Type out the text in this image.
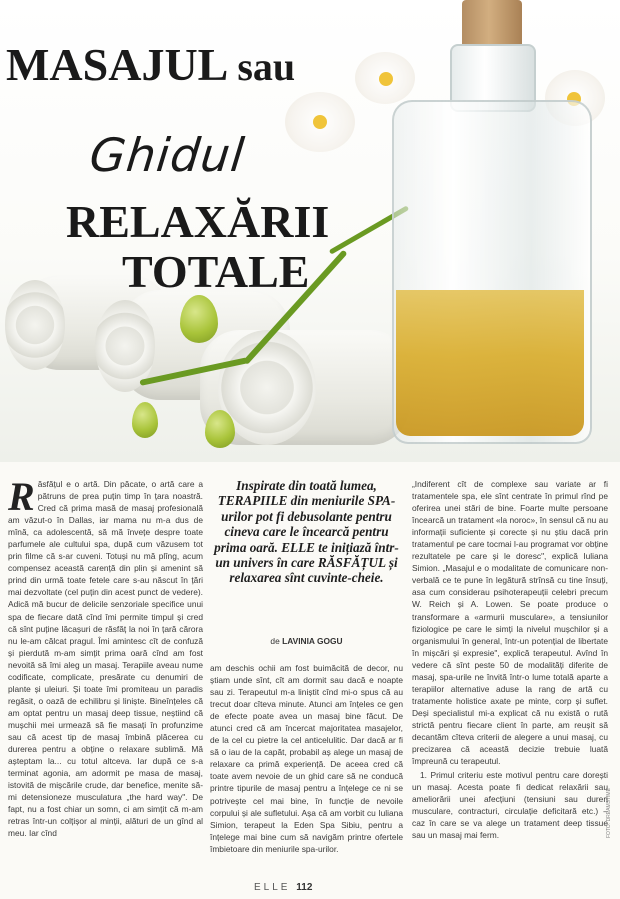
MASAJUL sau
Ghidul
RELAXĂRII
TOTALE
R ăsfățul e o artă. Din păcate, o artă care a pătruns de prea puțin timp în țara noastră. Cred că prima masă de masaj profesională am văzut-o în Dallas, iar mama nu m-a dus de mînă, ca adolescentă, să mă învețe despre toate parfumele ale cultului spa, după cum văzusem tot prin filme că s-ar cuveni. Totuși nu mă plîng, acum compensez această carență din plin și amenint să prind din urmă toate fetele care s-au născut în țări mai dezvoltate (cel puțin din acest punct de vedere). Adică mă bucur de delicile senzoriale specifice unui spa de fiecare dată cînd îmi permite timpul și cred că sînt puține lăcașuri de răsfăț la noi în țară cărora nu le-am călcat pragul. Îmi amintesc cît de confuză și pierdută m-am simțit prima oară cînd am fost nevoită să îmi aleg un masaj. Terapiile aveau nume codificate, complicate, presărate cu denumiri de plante și uleiuri. Și toate îmi promiteau un paradis regăsit, o oază de echilibru și liniște. Bineînțeles că am optat pentru un masaj deep tissue, neștiind că mușchii mei urmează să fie masați în profunzime sau că acest tip de masaj îmbină plăcerea cu durerea pentru a obține o relaxare sublimă. Mă așteptam la... cu totul altceva. Iar după ce s-a terminat agonia, am adormit pe masa de masaj, istovită de mișcările crude, dar benefice, menite să-mi detensioneze musculatura „the hard way". De fapt, nu a fost chiar un somn, ci am simțit că m-am retras într-un colțișor al minții, alături de un gînd al meu. Iar cînd
Inspirate din toată lumea, TERAPIILE din meniurile SPA-urilor pot fi debusolante pentru cineva care le încearcă pentru prima oară. ELLE te inițiază într-un univers în care RĂSFĂȚUL și relaxarea sînt cuvinte-cheie.
de LAVINIA GOGU
am deschis ochii am fost buimăcită de decor, nu știam unde sînt, cît am dormit sau dacă e noapte sau zi. Terapeutul m-a liniștit cînd mi-o spus că au trecut doar cîteva minute. Atunci am înțeles ce gen de efecte poate avea un masaj bine făcut. De atunci cred că am încercat majoritatea masajelor, de la cel cu pietre la cel anticelulitic. Dar dacă ar fi să o iau de la capăt, probabil aș alege un masaj de relaxare ca primă experiență. De aceea cred că toate avem nevoie de un ghid care să ne conducă printre tipurile de masaj pentru a înțelege ce ni se potrivește cel mai bine, în funcție de nevoile corpului și ale sufletului. Așa că am vorbit cu Iuliana Simion, terapeut la Eden Spa Sibiu, pentru a înțelege mai bine cum să navigăm printre ofertele îmbietoare din meniurile spa-urilor.

„Indiferent cît de complexe sau variate ar fi tratamentele spa, ele sînt centrate în primul rînd pe oferirea unei stări de bine. Foarte multe persoane încearcă un tratament «la noroc», în sensul că nu au informații suficiente și corecte și nu știu dacă prin tratamentul pe care tocmai l-au programat vor obține rezultatele pe care și le doresc", explică Iuliana Simion. „Masajul e o modalitate de comunicare non-verbală ce te pune în legătură strînsă cu tine însuți, asa cum considerau psihoterapeuții celebri precum W. Reich și A. Lowen. Se poate produce o transformare a «armurii musculare», a tensiunilor fiziologice pe care le simți la nivelul mușchilor și a organismului în general, într-un potențial de libertate în mișcări și expresie", explică terapeutul. Avînd în vedere că sînt peste 50 de modalități diferite de masaj, spa-urile ne învită într-o lume totală aparte a terapiilor alternative aduse la rang de artă cu tratamente holistice axate pe minte, corp și suflet. Deși specialistul mi-a explicat că nu există o rută strictă pentru fiecare client în parte, am reușit să decantăm cîteva criterii de alegere a unui masaj, cu precizarea că această decizie trebuie luată împreună cu terapeutul.

1. Primul criteriu este motivul pentru care dorești un masaj. Acesta poate fi dedicat relaxării sau ameliorării unei afecțiuni (tensiuni sau dureri musculare, contracturi, circulație deficitară etc.) – caz în care se va alege un tratament deep tissue sau un masaj mai ferm.

ELLE 112
FOTO: DREAMSTIME
